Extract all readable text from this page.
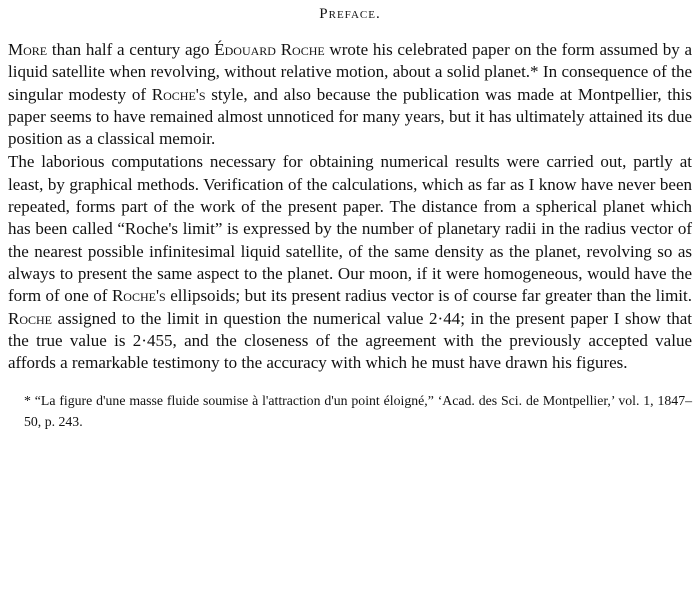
Preface.

More than half a century ago Édouard Roche wrote his celebrated paper on the form assumed by a liquid satellite when revolving, without relative motion, about a solid planet.* In consequence of the singular modesty of Roche's style, and also because the publication was made at Montpellier, this paper seems to have remained almost unnoticed for many years, but it has ultimately attained its due position as a classical memoir.

The laborious computations necessary for obtaining numerical results were carried out, partly at least, by graphical methods. Verification of the calculations, which as far as I know have never been repeated, forms part of the work of the present paper. The distance from a spherical planet which has been called “Roche's limit” is expressed by the number of planetary radii in the radius vector of the nearest possible infinitesimal liquid satellite, of the same density as the planet, revolving so as always to present the same aspect to the planet. Our moon, if it were homogeneous, would have the form of one of Roche's ellipsoids; but its present radius vector is of course far greater than the limit. Roche assigned to the limit in question the numerical value 2·44; in the present paper I show that the true value is 2·455, and the closeness of the agreement with the previously accepted value affords a remarkable testimony to the accuracy with which he must have drawn his figures.

* “La figure d'une masse fluide soumise à l'attraction d'un point éloigné,” ‘Acad. des Sci. de Montpellier,’ vol. 1, 1847–50, p. 243.
